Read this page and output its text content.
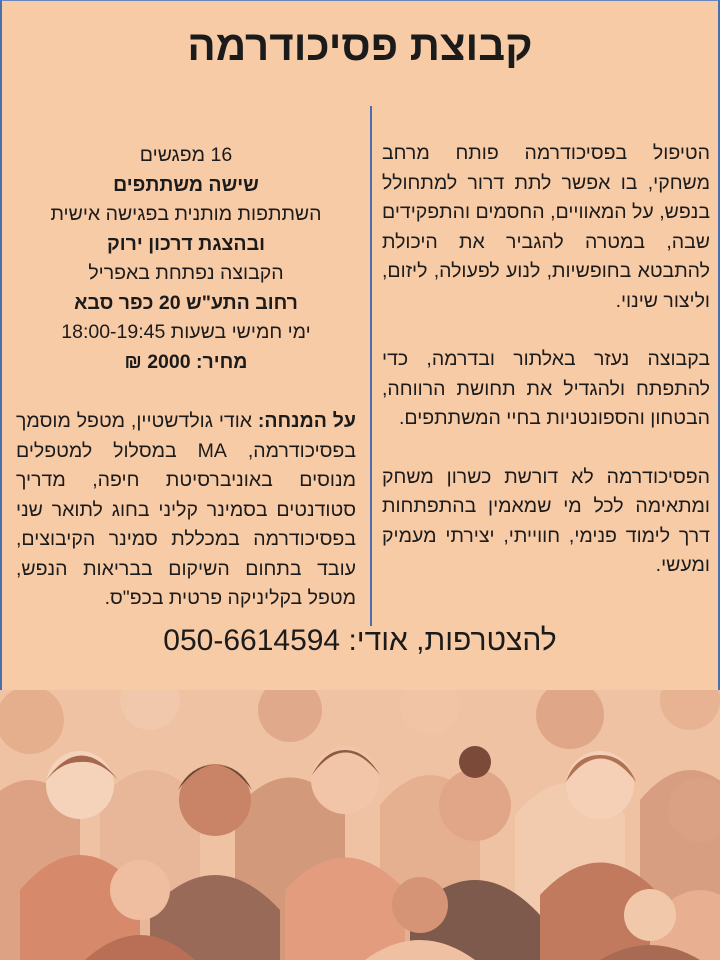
קבוצת פסיכודרמה

הטיפול בפסיכודרמה פותח מרחב משחקי, בו אפשר לתת דרור למתחולל בנפש, על המאוויים, החסמים והתפקידים שבה, במטרה להגביר את היכולת להתבטא בחופשיות, לנוע לפעולה, ליזום, וליצור שינוי.

בקבוצה נעזר באלתור ובדרמה, כדי להתפתח ולהגדיל את תחושת הרווחה, הבטחון והספונטניות בחיי המשתתפים.

הפסיכודרמה לא דורשת כשרון משחק ומתאימה לכל מי שמאמין בהתפתחות דרך לימוד פנימי, חווייתי, יצירתי מעמיק ומעשי.

16 מפגשים
שישה משתתפים
השתתפות מותנית בפגישה אישית
ובהצגת דרכון ירוק
הקבוצה נפתחת באפריל
רחוב התע"ש 20 כפר סבא
ימי חמישי בשעות 18:00-19:45
מחיר: 2000 ₪
על המנחה: אודי גולדשטיין, מטפל מוסמך בפסיכודרמה, MA במסלול למטפלים מנוסים באוניברסיטת חיפה, מדריך סטודנטים בסמינר קליני בחוג לתואר שני בפסיכודרמה במכללת סמינר הקיבוצים, עובד בתחום השיקום בבריאות הנפש, מטפל בקליניקה פרטית בכפ"ס.
להצטרפות, אודי: 050-6614594
